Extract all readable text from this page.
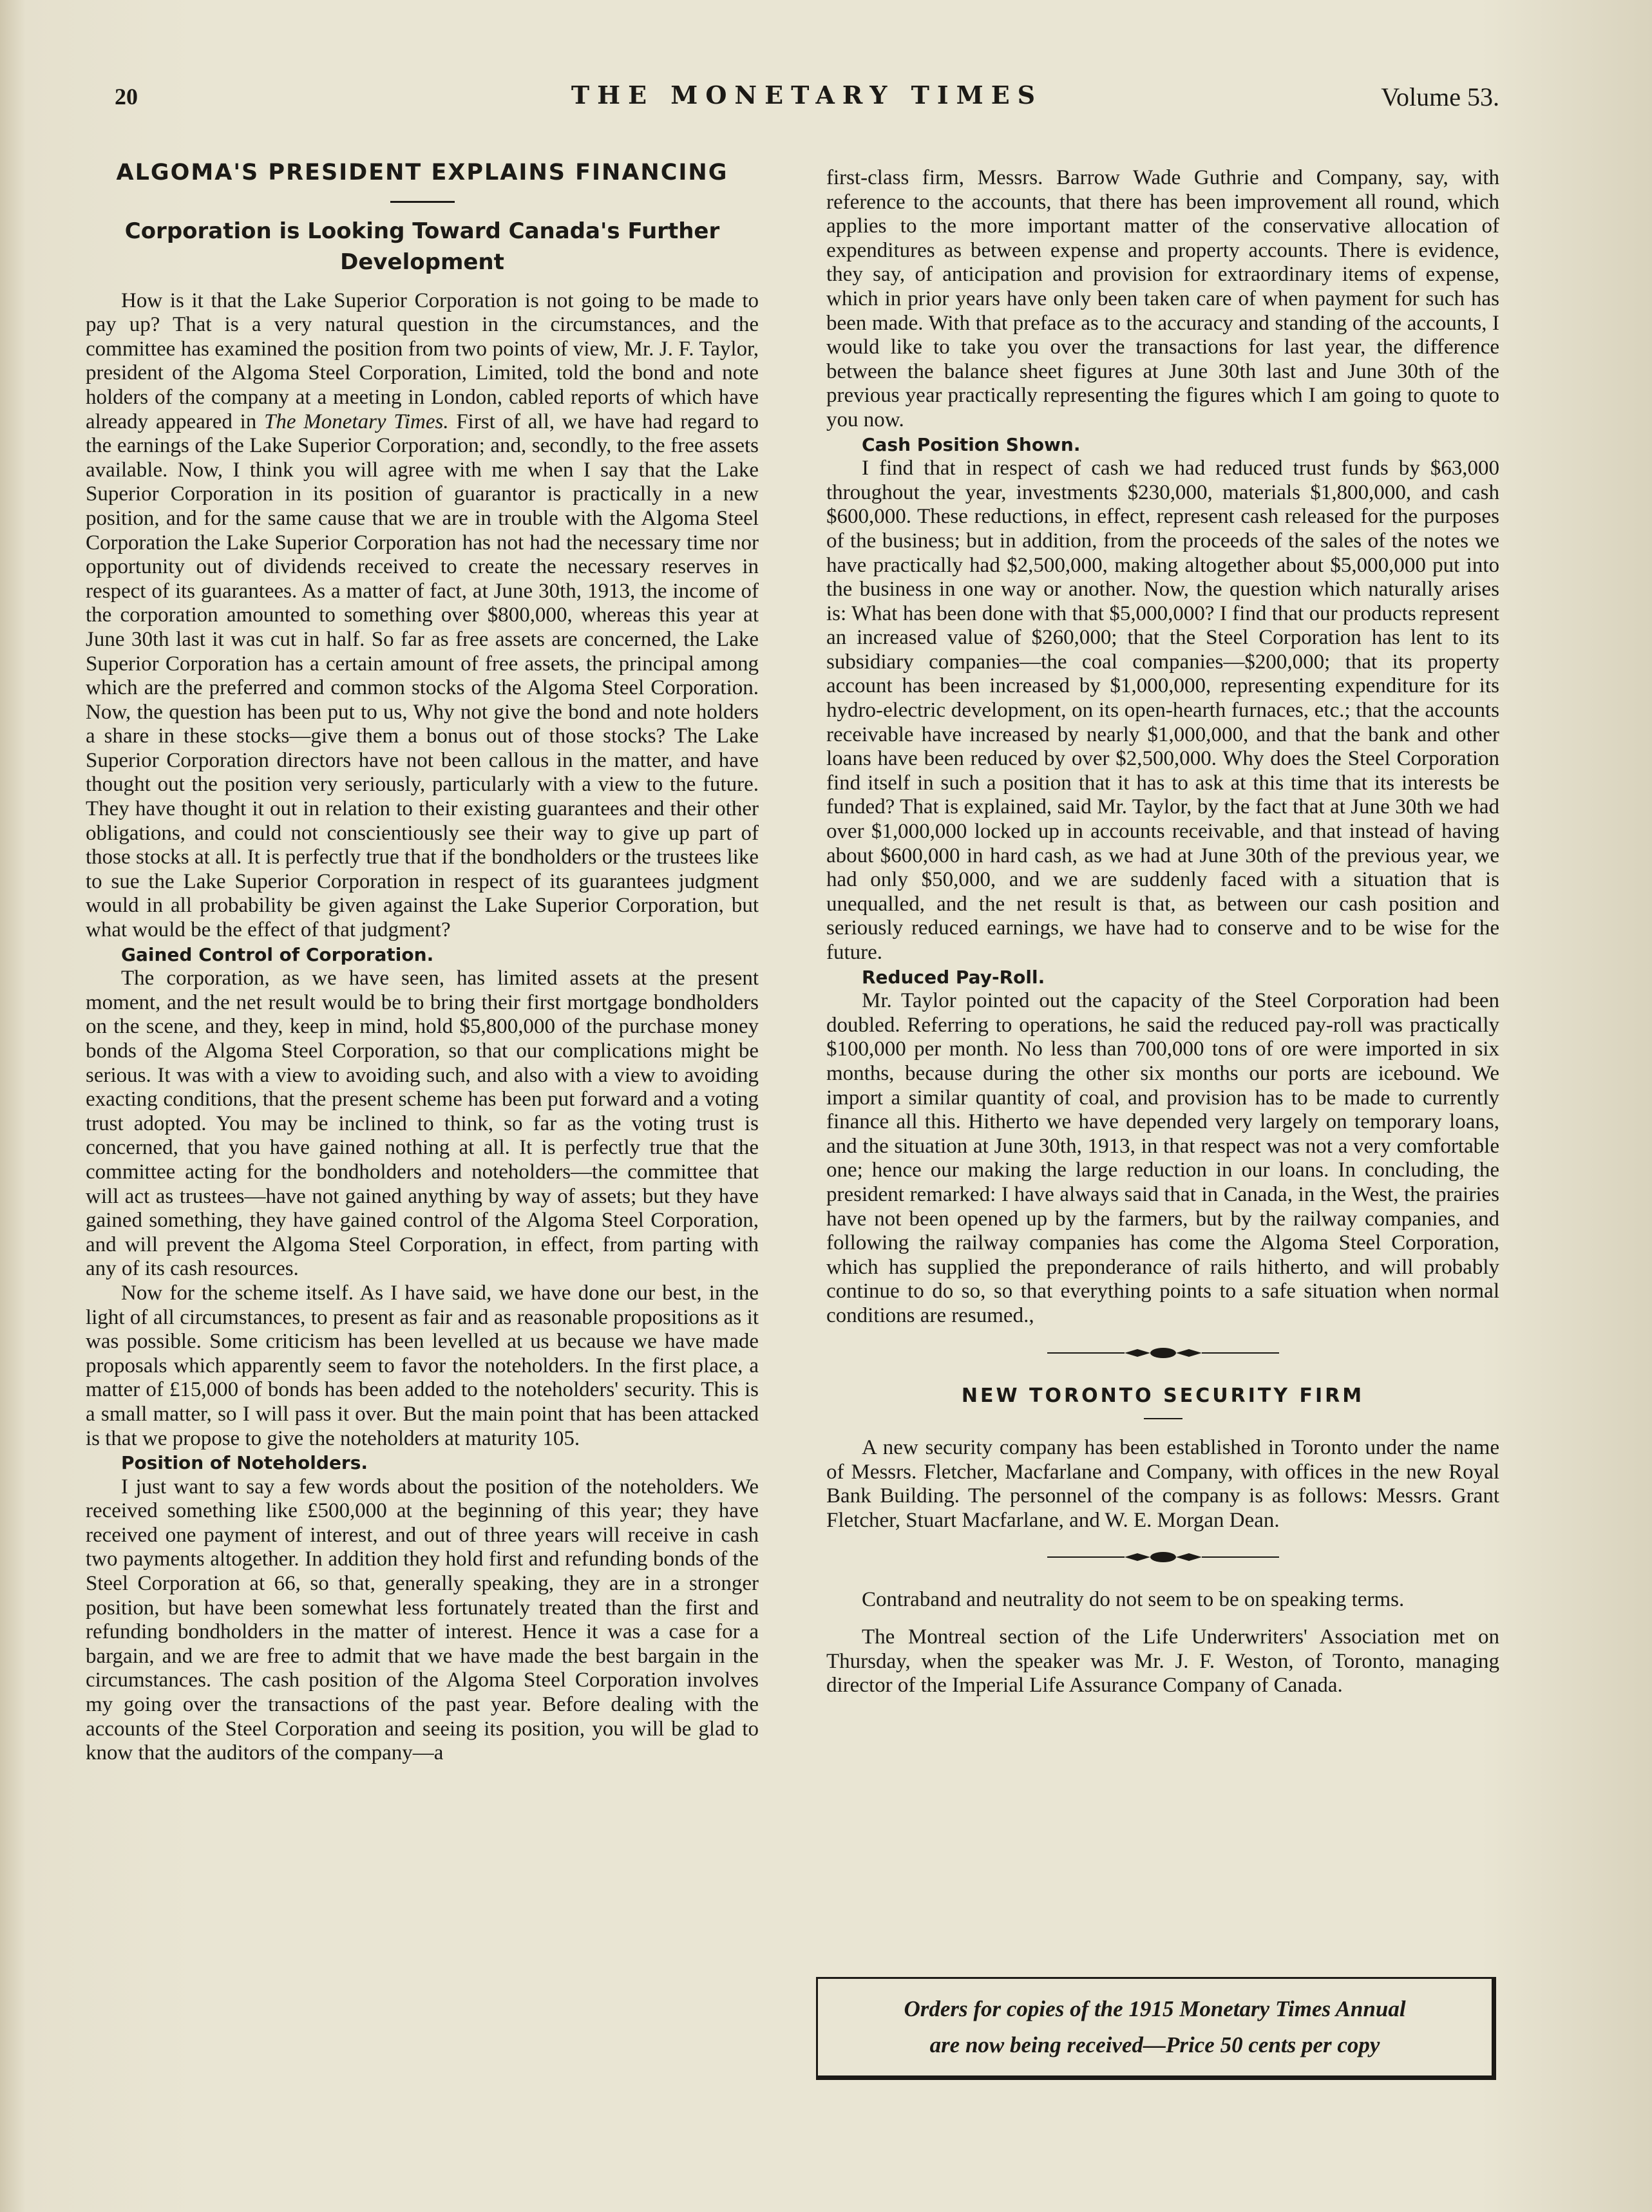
20	THE MONETARY TIMES	Volume 53.
ALGOMA'S PRESIDENT EXPLAINS FINANCING
Corporation is Looking Toward Canada's Further Development

How is it that the Lake Superior Corporation is not going to be made to pay up? That is a very natural question in the circumstances, and the committee has examined the position from two points of view, Mr. J. F. Taylor, president of the Algoma Steel Corporation, Limited, told the bond and note holders of the company at a meeting in London, cabled reports of which have already appeared in The Monetary Times. First of all, we have had regard to the earnings of the Lake Superior Corporation; and, secondly, to the free assets available. Now, I think you will agree with me when I say that the Lake Superior Corporation in its position of guarantor is practically in a new position, and for the same cause that we are in trouble with the Algoma Steel Corporation the Lake Superior Corporation has not had the necessary time nor opportunity out of dividends received to create the necessary reserves in respect of its guarantees. As a matter of fact, at June 30th, 1913, the income of the corporation amounted to something over $800,000, whereas this year at June 30th last it was cut in half. So far as free assets are concerned, the Lake Superior Corporation has a certain amount of free assets, the principal among which are the preferred and common stocks of the Algoma Steel Corporation. Now, the question has been put to us, Why not give the bond and note holders a share in these stocks—give them a bonus out of those stocks? The Lake Superior Corporation directors have not been callous in the matter, and have thought out the position very seriously, particularly with a view to the future. They have thought it out in relation to their existing guarantees and their other obligations, and could not conscientiously see their way to give up part of those stocks at all. It is perfectly true that if the bondholders or the trustees like to sue the Lake Superior Corporation in respect of its guarantees judgment would in all probability be given against the Lake Superior Corporation, but what would be the effect of that judgment?

Gained Control of Corporation.

The corporation, as we have seen, has limited assets at the present moment, and the net result would be to bring their first mortgage bondholders on the scene, and they, keep in mind, hold $5,800,000 of the purchase money bonds of the Algoma Steel Corporation, so that our complications might be serious. It was with a view to avoiding such, and also with a view to avoiding exacting conditions, that the present scheme has been put forward and a voting trust adopted. You may be inclined to think, so far as the voting trust is concerned, that you have gained nothing at all. It is perfectly true that the committee acting for the bondholders and noteholders—the committee that will act as trustees—have not gained anything by way of assets; but they have gained something, they have gained control of the Algoma Steel Corporation, and will prevent the Algoma Steel Corporation, in effect, from parting with any of its cash resources.

Now for the scheme itself. As I have said, we have done our best, in the light of all circumstances, to present as fair and as reasonable propositions as it was possible. Some criticism has been levelled at us because we have made proposals which apparently seem to favor the noteholders. In the first place, a matter of £15,000 of bonds has been added to the noteholders' security. This is a small matter, so I will pass it over. But the main point that has been attacked is that we propose to give the noteholders at maturity 105.

Position of Noteholders.

I just want to say a few words about the position of the noteholders. We received something like £500,000 at the beginning of this year; they have received one payment of interest, and out of three years will receive in cash two payments altogether. In addition they hold first and refunding bonds of the Steel Corporation at 66, so that, generally speaking, they are in a stronger position, but have been somewhat less fortunately treated than the first and refunding bondholders in the matter of interest. Hence it was a case for a bargain, and we are free to admit that we have made the best bargain in the circumstances. The cash position of the Algoma Steel Corporation involves my going over the transactions of the past year. Before dealing with the accounts of the Steel Corporation and seeing its position, you will be glad to know that the auditors of the company—a

first-class firm, Messrs. Barrow Wade Guthrie and Company, say, with reference to the accounts, that there has been improvement all round, which applies to the more important matter of the conservative allocation of expenditures as between expense and property accounts. There is evidence, they say, of anticipation and provision for extraordinary items of expense, which in prior years have only been taken care of when payment for such has been made. With that preface as to the accuracy and standing of the accounts, I would like to take you over the transactions for last year, the difference between the balance sheet figures at June 30th last and June 30th of the previous year practically representing the figures which I am going to quote to you now.

Cash Position Shown.

I find that in respect of cash we had reduced trust funds by $63,000 throughout the year, investments $230,000, materials $1,800,000, and cash $600,000. These reductions, in effect, represent cash released for the purposes of the business; but in addition, from the proceeds of the sales of the notes we have practically had $2,500,000, making altogether about $5,000,000 put into the business in one way or another. Now, the question which naturally arises is: What has been done with that $5,000,000? I find that our products represent an increased value of $260,000; that the Steel Corporation has lent to its subsidiary companies—the coal companies—$200,000; that its property account has been increased by $1,000,000, representing expenditure for its hydro-electric development, on its open-hearth furnaces, etc.; that the accounts receivable have increased by nearly $1,000,000, and that the bank and other loans have been reduced by over $2,500,000. Why does the Steel Corporation find itself in such a position that it has to ask at this time that its interests be funded? That is explained, said Mr. Taylor, by the fact that at June 30th we had over $1,000,000 locked up in accounts receivable, and that instead of having about $600,000 in hard cash, as we had at June 30th of the previous year, we had only $50,000, and we are suddenly faced with a situation that is unequalled, and the net result is that, as between our cash position and seriously reduced earnings, we have had to conserve and to be wise for the future.

Reduced Pay-Roll.

Mr. Taylor pointed out the capacity of the Steel Corporation had been doubled. Referring to operations, he said the reduced pay-roll was practically $100,000 per month. No less than 700,000 tons of ore were imported in six months, because during the other six months our ports are icebound. We import a similar quantity of coal, and provision has to be made to currently finance all this. Hitherto we have depended very largely on temporary loans, and the situation at June 30th, 1913, in that respect was not a very comfortable one; hence our making the large reduction in our loans. In concluding, the president remarked: I have always said that in Canada, in the West, the prairies have not been opened up by the farmers, but by the railway companies, and following the railway companies has come the Algoma Steel Corporation, which has supplied the preponderance of rails hitherto, and will probably continue to do so, so that everything points to a safe situation when normal conditions are resumed.,

NEW TORONTO SECURITY FIRM

A new security company has been established in Toronto under the name of Messrs. Fletcher, Macfarlane and Company, with offices in the new Royal Bank Building. The personnel of the company is as follows: Messrs. Grant Fletcher, Stuart Macfarlane, and W. E. Morgan Dean.

Contraband and neutrality do not seem to be on speaking terms.

The Montreal section of the Life Underwriters' Association met on Thursday, when the speaker was Mr. J. F. Weston, of Toronto, managing director of the Imperial Life Assurance Company of Canada.

Orders for copies of the 1915 Monetary Times Annual
are now being received—Price 50 cents per copy
